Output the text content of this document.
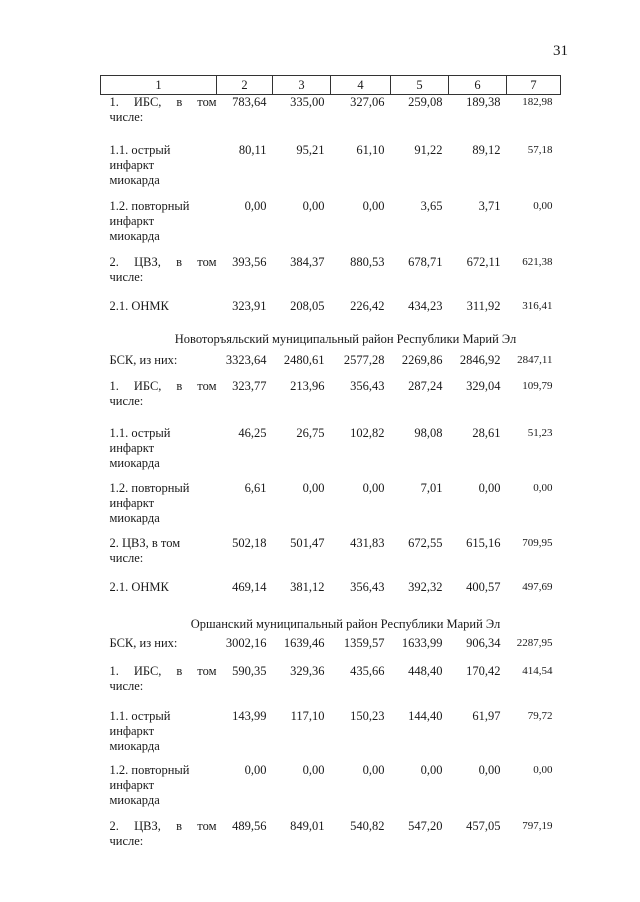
31
1	2	3	4	5	6	7

1. ИБС, в том
числе:	783,64	335,00	327,06	259,08	189,38	182,98

1.1. острый
инфаркт
миокарда	80,11	95,21	61,10	91,22	89,12	57,18

1.2. повторный
инфаркт
миокарда	0,00	0,00	0,00	3,65	3,71	0,00

2. ЦВЗ, в том
числе:	393,56	384,37	880,53	678,71	672,11	621,38

2.1. ОНМК	323,91	208,05	226,42	434,23	311,92	316,41
Новоторъяльский муниципальный район Республики Марий Эл						

БСК, из них:	3323,64	2480,61	2577,28	2269,86	2846,92	2847,11

1. ИБС, в том
числе:	323,77	213,96	356,43	287,24	329,04	109,79

1.1. острый
инфаркт
миокарда	46,25	26,75	102,82	98,08	28,61	51,23

1.2. повторный
инфаркт
миокарда	6,61	0,00	0,00	7,01	0,00	0,00

2. ЦВЗ, в том
числе:	502,18	501,47	431,83	672,55	615,16	709,95

2.1. ОНМК	469,14	381,12	356,43	392,32	400,57	497,69
Оршанский муниципальный район Республики Марий Эл						

БСК, из них:	3002,16	1639,46	1359,57	1633,99	906,34	2287,95

1. ИБС, в том
числе:	590,35	329,36	435,66	448,40	170,42	414,54

1.1. острый
инфаркт
миокарда	143,99	117,10	150,23	144,40	61,97	79,72

1.2. повторный
инфаркт
миокарда	0,00	0,00	0,00	0,00	0,00	0,00

2. ЦВЗ, в том
числе:	489,56	849,01	540,82	547,20	457,05	797,19
